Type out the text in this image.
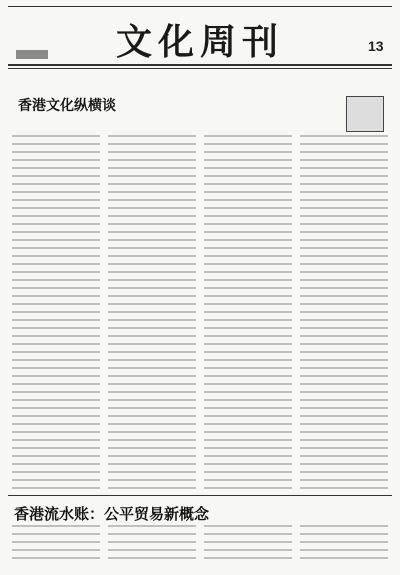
文化周刊	13
香港文化纵横谈
香港流水账：公平贸易新概念
